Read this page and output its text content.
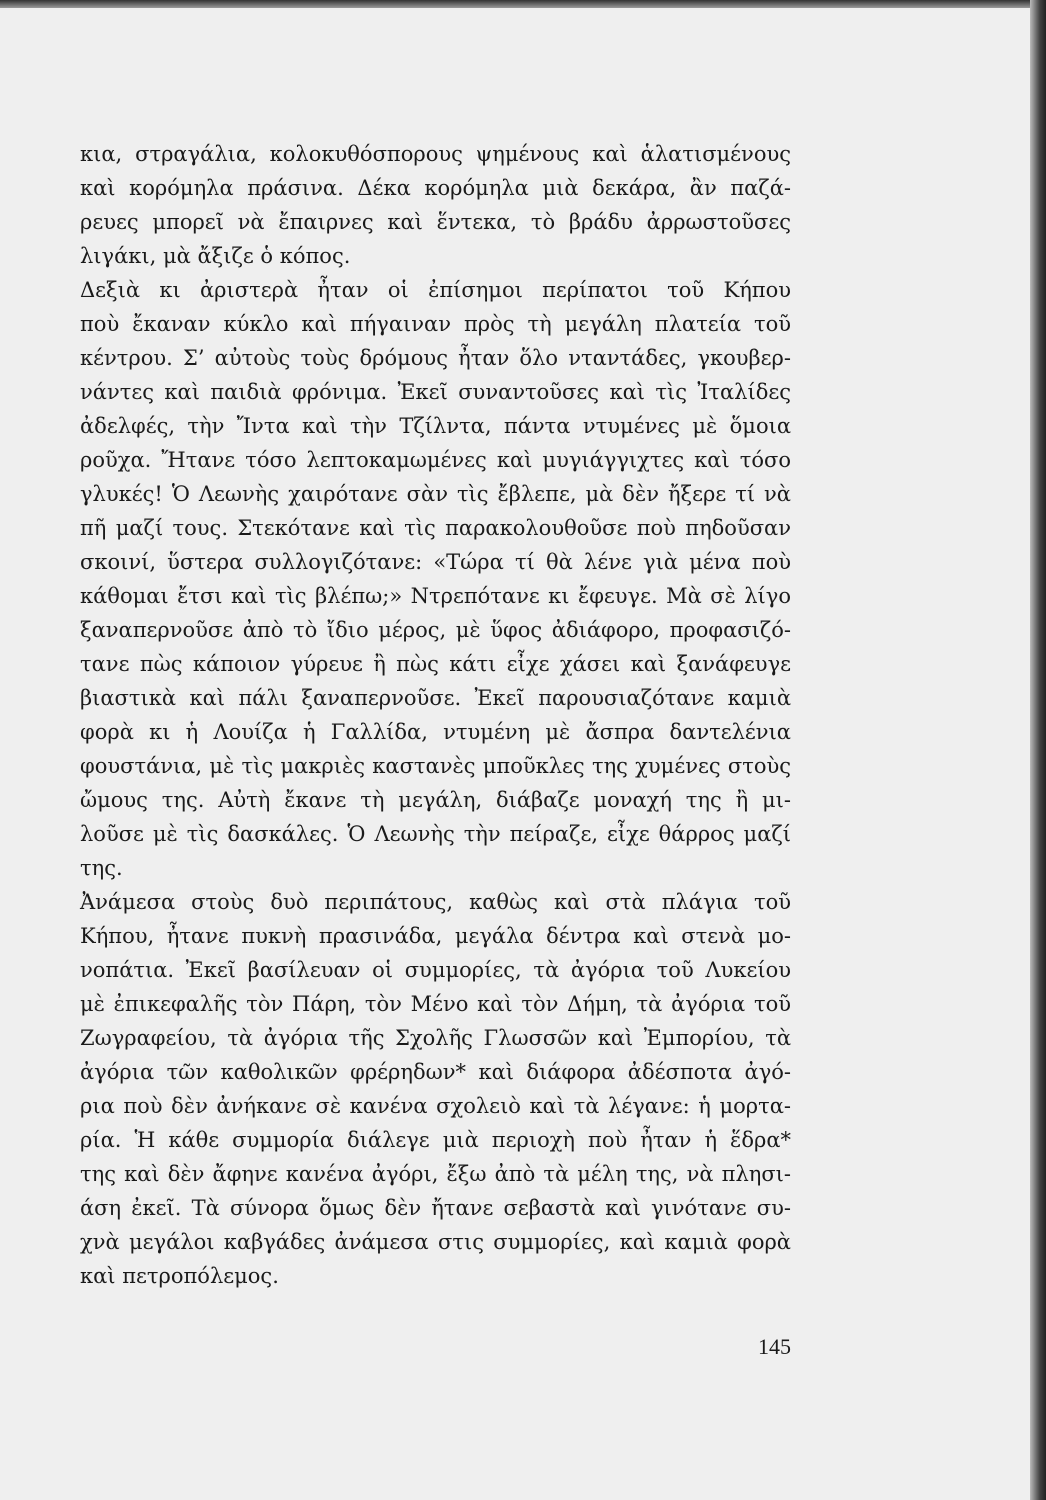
κια, στραγάλια, κολοκυθόσπορους ψημένους καὶ ἁλατισμένους
καὶ κορόμηλα πράσινα. Δέκα κορόμηλα μιὰ δεκάρα, ἂν παζά-
ρευες μπορεῖ νὰ ἔπαιρνες καὶ ἕντεκα, τὸ βράδυ ἀρρωστοῦσες
λιγάκι, μὰ ἄξιζε ὁ κόπος.
Δεξιὰ κι ἀριστερὰ ἦταν οἱ ἐπίσημοι περίπατοι τοῦ Κήπου
ποὺ ἔκαναν κύκλο καὶ πήγαιναν πρὸς τὴ μεγάλη πλατεία τοῦ
κέντρου. Σ’ αὐτοὺς τοὺς δρόμους ἦταν ὅλο νταντάδες, γκουβερ-
νάντες καὶ παιδιὰ φρόνιμα. Ἐκεῖ συναντοῦσες καὶ τὶς Ἰταλίδες
ἀδελφές, τὴν Ἴντα καὶ τὴν Τζίλντα, πάντα ντυμένες μὲ ὅμοια
ροῦχα. Ἤτανε τόσο λεπτοκαμωμένες καὶ μυγιάγγιχτες καὶ τόσο
γλυκές! Ὁ Λεωνὴς χαιρότανε σὰν τὶς ἔβλεπε, μὰ δὲν ἤξερε τί νὰ
πῆ μαζί τους. Στεκότανε καὶ τὶς παρακολουθοῦσε ποὺ πηδοῦσαν
σκοινί, ὕστερα συλλογιζότανε: «Τώρα τί θὰ λένε γιὰ μένα ποὺ
κάθομαι ἔτσι καὶ τὶς βλέπω;» Ντρεπότανε κι ἔφευγε. Μὰ σὲ λίγο
ξαναπερνοῦσε ἀπὸ τὸ ἴδιο μέρος, μὲ ὕφος ἀδιάφορο, προφασιζό-
τανε πὼς κάποιον γύρευε ἢ πὼς κάτι εἶχε χάσει καὶ ξανάφευγε
βιαστικὰ καὶ πάλι ξαναπερνοῦσε. Ἐκεῖ παρουσιαζότανε καμιὰ
φορὰ κι ἡ Λουίζα ἡ Γαλλίδα, ντυμένη μὲ ἄσπρα δαντελένια
φουστάνια, μὲ τὶς μακριὲς καστανὲς μποῦκλες της χυμένες στοὺς
ὤμους της. Αὐτὴ ἔκανε τὴ μεγάλη, διάβαζε μοναχή της ἢ μι-
λοῦσε μὲ τὶς δασκάλες. Ὁ Λεωνὴς τὴν πείραζε, εἶχε θάρρος μαζί
της.
Ἀνάμεσα στοὺς δυὸ περιπάτους, καθὼς καὶ στὰ πλάγια τοῦ
Κήπου, ἦτανε πυκνὴ πρασινάδα, μεγάλα δέντρα καὶ στενὰ μο-
νοπάτια. Ἐκεῖ βασίλευαν οἱ συμμορίες, τὰ ἀγόρια τοῦ Λυκείου
μὲ ἐπικεφαλῆς τὸν Πάρη, τὸν Μένο καὶ τὸν Δήμη, τὰ ἀγόρια τοῦ
Ζωγραφείου, τὰ ἀγόρια τῆς Σχολῆς Γλωσσῶν καὶ Ἐμπορίου, τὰ
ἀγόρια τῶν καθολικῶν φρέρηδων* καὶ διάφορα ἀδέσποτα ἀγό-
ρια ποὺ δὲν ἀνήκανε σὲ κανένα σχολειὸ καὶ τὰ λέγανε: ἡ μορτα-
ρία. Ἡ κάθε συμμορία διάλεγε μιὰ περιοχὴ ποὺ ἦταν ἡ ἕδρα*
της καὶ δὲν ἄφηνε κανένα ἀγόρι, ἔξω ἀπὸ τὰ μέλη της, νὰ πλησι-
άση ἐκεῖ. Τὰ σύνορα ὅμως δὲν ἤτανε σεβαστὰ καὶ γινότανε συ-
χνὰ μεγάλοι καβγάδες ἀνάμεσα στις συμμορίες, καὶ καμιὰ φορὰ
καὶ πετροπόλεμος.
145
